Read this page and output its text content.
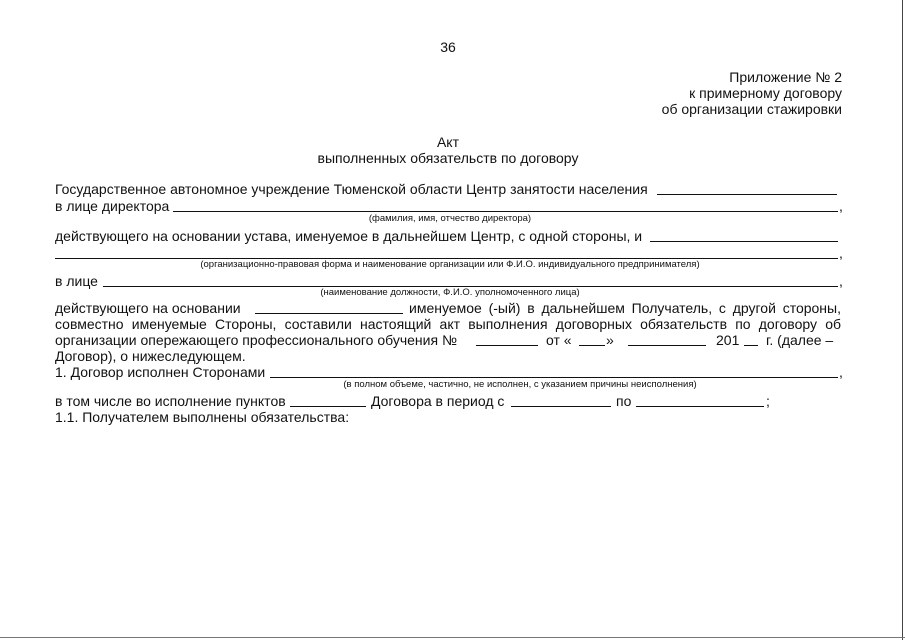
36
Приложение № 2
к примерному договору
об организации стажировки
Акт
выполненных обязательств по договору
Государственное автономное учреждение Тюменской области Центр занятости населения
в лице директора	,
(фамилия, имя, отчество директора)
действующего на основании устава, именуемое в дальнейшем Центр, с одной стороны, и
,
(организационно-правовая форма и наименование организации или Ф.И.О. индивидуального предпринимателя)
в лице	,
(наименование должности, Ф.И.О. уполномоченного лица)
действующего на основании	именуемое (-ый) в дальнейшем Получатель, с другой стороны,
совместно именуемые Стороны, составили настоящий акт выполнения договорных обязательств по договору об
организации опережающего профессионального обучения №	от « »	201 г. (далее –
Договор), о нижеследующем.
1. Договор исполнен Сторонами	,
(в полном объеме, частично, не исполнен, с указанием причины неисполнения)
в том числе во исполнение пунктов	Договора в период с	по	;
1.1. Получателем выполнены обязательства:
